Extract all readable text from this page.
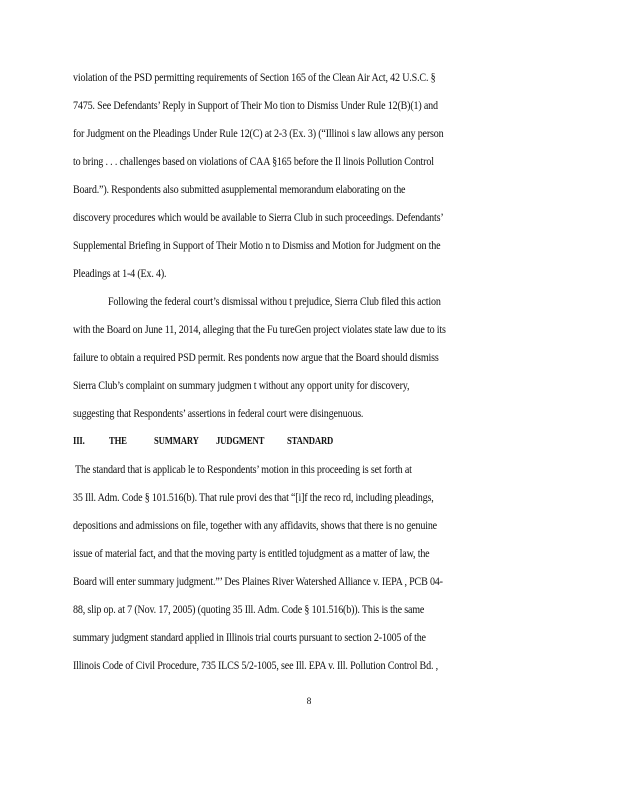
violation of the PSD permitting requirements of Section 165 of the Clean Air Act, 42 U.S.C. §
7475. See Defendants’ Reply in Support of Their Mo tion to Dismiss Under Rule 12(B)(1) and
for Judgment on the Pleadings Under Rule 12(C) at 2-3 (Ex. 3) (“Illinoi s law allows any person
to bring . . . challenges based on violations of CAA §165 before the Il linois Pollution Control
Board.”). Respondents also submitted asupplemental memorandum elaborating on the
discovery procedures which would be available to Sierra Club in such proceedings. Defendants’
Supplemental Briefing in Support of Their Motio n to Dismiss and Motion for Judgment on the
Pleadings at 1-4 (Ex. 4).
Following the federal court’s dismissal withou t prejudice, Sierra Club filed this action
with the Board on June 11, 2014, alleging that the Fu tureGen project violates state law due to its
failure to obtain a required PSD permit. Res pondents now argue that the Board should dismiss
Sierra Club’s complaint on summary judgmen t without any opport unity for discovery,
suggesting that Respondents’ assertions in federal court were disingenuous.
III. THE	SUMMARY JUDGMENT STANDARD
The standard that is applicab le to Respondents’ motion in this proceeding is set forth at
35 Ill. Adm. Code § 101.516(b). That rule provi des that “[i]f the reco rd, including pleadings,
depositions and admissions on file, together with any affidavits, shows that there is no genuine
issue of material fact, and that the moving party is entitled tojudgment as a matter of law, the
Board will enter summary judgment.”’ Des Plaines River Watershed Alliance v. IEPA , PCB 04-
88, slip op. at 7 (Nov. 17, 2005) (quoting 35 Ill. Adm. Code § 101.516(b)). This is the same
summary judgment standard applied in Illinois trial courts pursuant to section 2-1005 of the
Illinois Code of Civil Procedure, 735 ILCS 5/2-1005, see Ill. EPA v. Ill. Pollution Control Bd. ,
8
